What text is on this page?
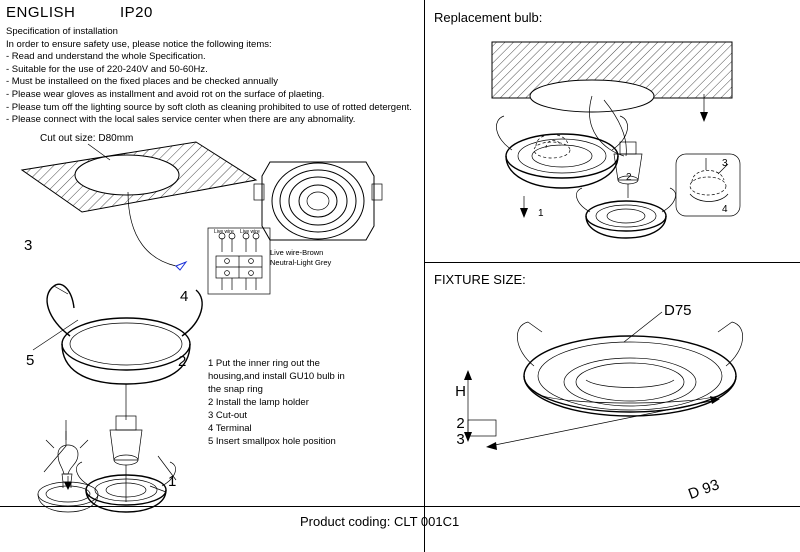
ENGLISH	IP20
Specification of installation
In order to ensure safety use, please notice the following items:
- Read and understand the whole Specification.
- Suitable for the use of 220-240V and 50-60Hz.
- Must be installeed on the fixed places and be checked annually
- Please wear gloves as installment and avoid rot on the surface of plaeting.
- Please tum off the lighting source by soft cloth as cleaning prohibited to use of rotted detergent.
- Please connect with the local sales service center when there are any abnomality.
Replacement bulb:
FIXTURE SIZE:
Live wire Live wire
Cut out size: D80mm
3
4
5	2
1
Live wire-Brown
Neutral-Light Grey
1 Put the inner ring out the
housing,and install GU10 bulb in
the snap ring
2 Install the lamp holder
3 Cut-out
4 Terminal
5 Insert smallpox hole position
1
2
3
4
D75
H 23
D 93
Product coding: CLT 001C1
